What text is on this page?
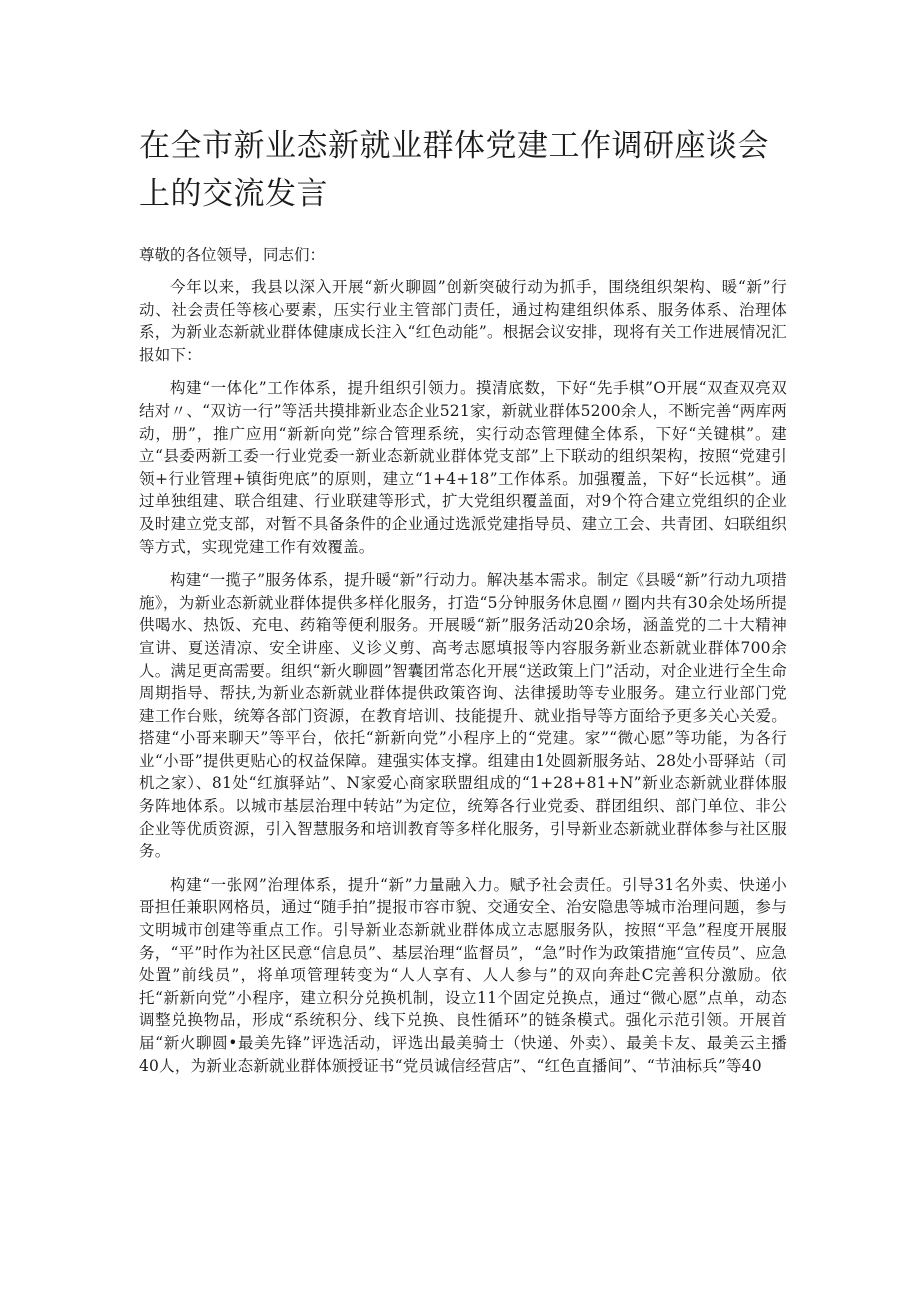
在全市新业态新就业群体党建工作调研座谈会上的交流发言

尊敬的各位领导，同志们：

今年以来，我县以深入开展“新火聊圆”创新突破行动为抓手，围绕组织架构、暖“新”行动、社会责任等核心要素，压实行业主管部门责任，通过构建组织体系、服务体系、治理体系，为新业态新就业群体健康成长注入“红色动能”。根据会议安排，现将有关工作进展情况汇报如下：

构建“一体化”工作体系，提升组织引领力。摸清底数，下好“先手棋”O开展“双查双亮双结对〃、“双访一行”等活共摸排新业态企业521家，新就业群体5200余人，不断完善“两库两动，册”，推广应用“新新向党”综合管理系统，实行动态管理健全体系，下好“关键棋”。建立“县委两新工委一行业党委一新业态新就业群体党支部”上下联动的组织架构，按照“党建引领+行业管理+镇街兜底”的原则，建立“1+4+18”工作体系。加强覆盖，下好“长远棋”。通过单独组建、联合组建、行业联建等形式，扩大党组织覆盖面，对9个符合建立党组织的企业及时建立党支部，对暂不具备条件的企业通过选派党建指导员、建立工会、共青团、妇联组织等方式，实现党建工作有效覆盖。

构建“一揽子”服务体系，提升暖“新”行动力。解决基本需求。制定《县暖“新”行动九项措施》，为新业态新就业群体提供多样化服务，打造“5分钟服务休息圈〃圈内共有30余处场所提供喝水、热饭、充电、药箱等便利服务。开展暖“新”服务活动20余场，涵盖党的二十大精神宣讲、夏送清凉、安全讲座、义诊义剪、高考志愿填报等内容服务新业态新就业群体700余人。满足更高需要。组织“新火聊圆”智囊团常态化开展“送政策上门”活动，对企业进行全生命周期指导、帮扶,为新业态新就业群体提供政策咨询、法律援助等专业服务。建立行业部门党建工作台账，统筹各部门资源，在教育培训、技能提升、就业指导等方面给予更多关心关爱。搭建“小哥来聊天”等平台，依托“新新向党”小程序上的“党建。家”“微心愿”等功能，为各行业“小哥”提供更贴心的权益保障。建强实体支撑。组建由1处圆新服务站、28处小哥驿站（司机之家）、81处“红旗驿站”、N家爱心商家联盟组成的“1+28+81+N”新业态新就业群体服务阵地体系。以城市基层治理中转站”为定位，统筹各行业党委、群团组织、部门单位、非公企业等优质资源，引入智慧服务和培训教育等多样化服务，引导新业态新就业群体参与社区服务。

构建“一张网”治理体系，提升“新”力量融入力。赋予社会责任。引导31名外卖、快递小哥担任兼职网格员，通过“随手拍”提报市容市貌、交通安全、治安隐患等城市治理问题，参与文明城市创建等重点工作。引导新业态新就业群体成立志愿服务队，按照“平急”程度开展服务，“平”时作为社区民意“信息员”、基层治理“监督员”，“急”时作为政策措施“宣传员”、应急处置”前线员”，将单项管理转变为“人人享有、人人参与”的双向奔赴C完善积分激励。依托“新新向党”小程序，建立积分兑换机制，设立11个固定兑换点，通过“微心愿”点单，动态调整兑换物品，形成“系统积分、线下兑换、良性循环”的链条模式。强化示范引领。开展首届“新火聊圆•最美先锋”评选活动，评选出最美骑士（快递、外卖）、最美卡友、最美云主播40人，为新业态新就业群体颁授证书“党员诚信经营店”、“红色直播间”、“节油标兵”等40
